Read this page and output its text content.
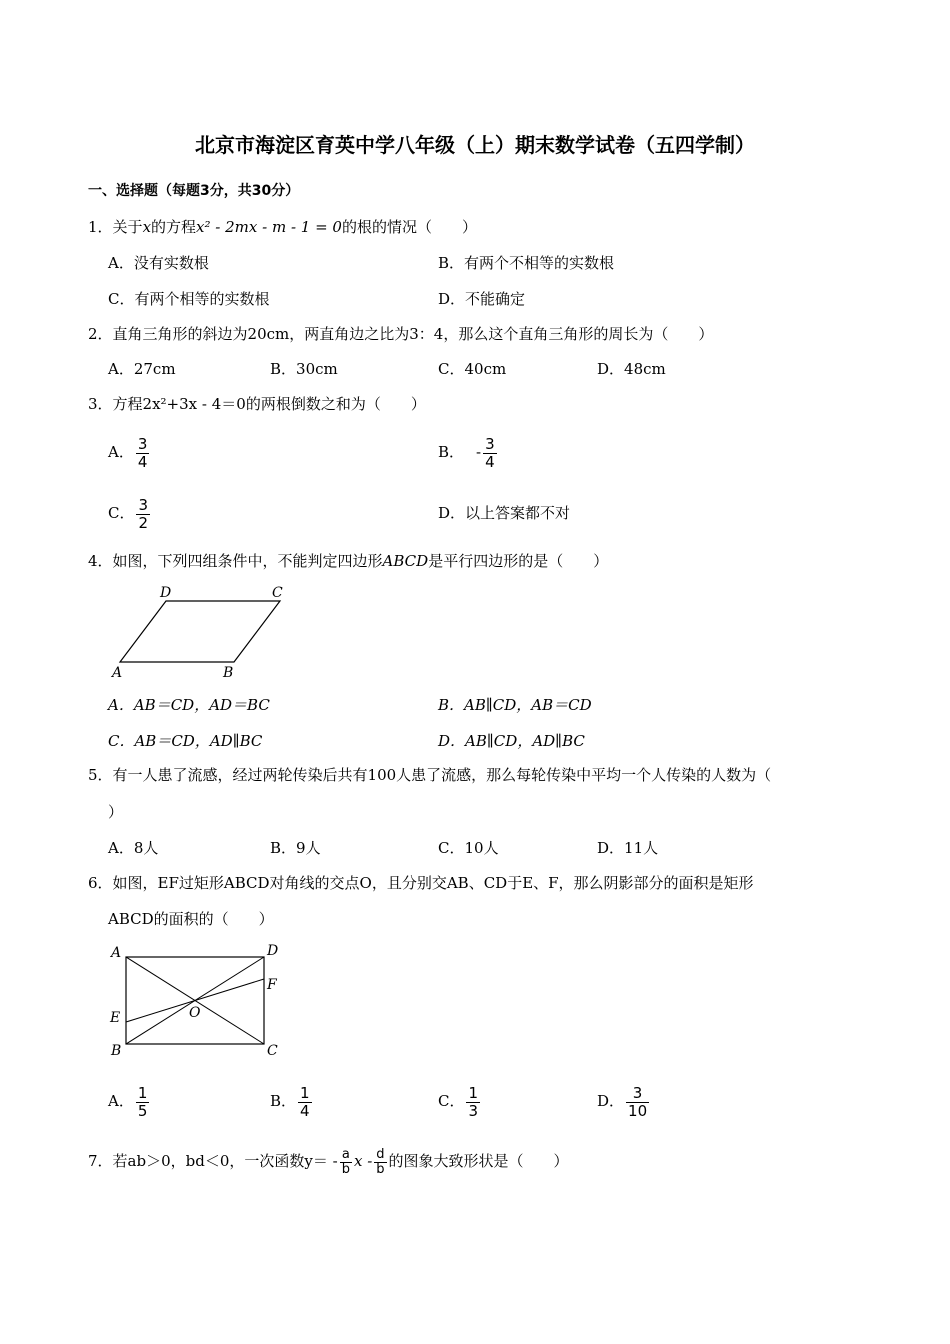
北京市海淀区育英中学八年级（上）期末数学试卷（五四学制）
一、选择题（每题3分，共30分）
1．关于x的方程x² - 2mx - m - 1 = 0的根的情况（　　）
A．没有实数根	B．有两个不相等的实数根
C．有两个相等的实数根	D．不能确定
2．直角三角形的斜边为20cm，两直角边之比为3：4，那么这个直角三角形的周长为（　　）
A．27cm	B．30cm	C．40cm	D．48cm
3．方程2x²+3x - 4＝0的两根倒数之和为（　　）
A． $\frac{3}{4}$	B． - $\frac{3}{4}$
C． $\frac{3}{2}$	D．以上答案都不对
4．如图，下列四组条件中，不能判定四边形ABCD是平行四边形的是（　　）
D	C
A	B
A．AB＝CD，AD＝BC	B．AB∥CD，AB＝CD
C．AB＝CD，AD∥BC	D．AB∥CD，AD∥BC
5．有一人患了流感，经过两轮传染后共有100人患了流感，那么每轮传染中平均一个人传染的人数为（
）
A．8人	B．9人	C．10人	D．11人
6．如图，EF过矩形ABCD对角线的交点O，且分别交AB、CD于E、F，那么阴影部分的面积是矩形
ABCD的面积的（　　）
A	D
F
E	O
B	C
A． $\frac{1}{5}$	B． $\frac{1}{4}$	C． $\frac{1}{3}$	D． $\frac{3}{10}$
7．若ab＞0，bd＜0，一次函数$y= - \frac{a}{b}$ x - $\frac{d}{b}$ 的图象大致形状是（　　）
